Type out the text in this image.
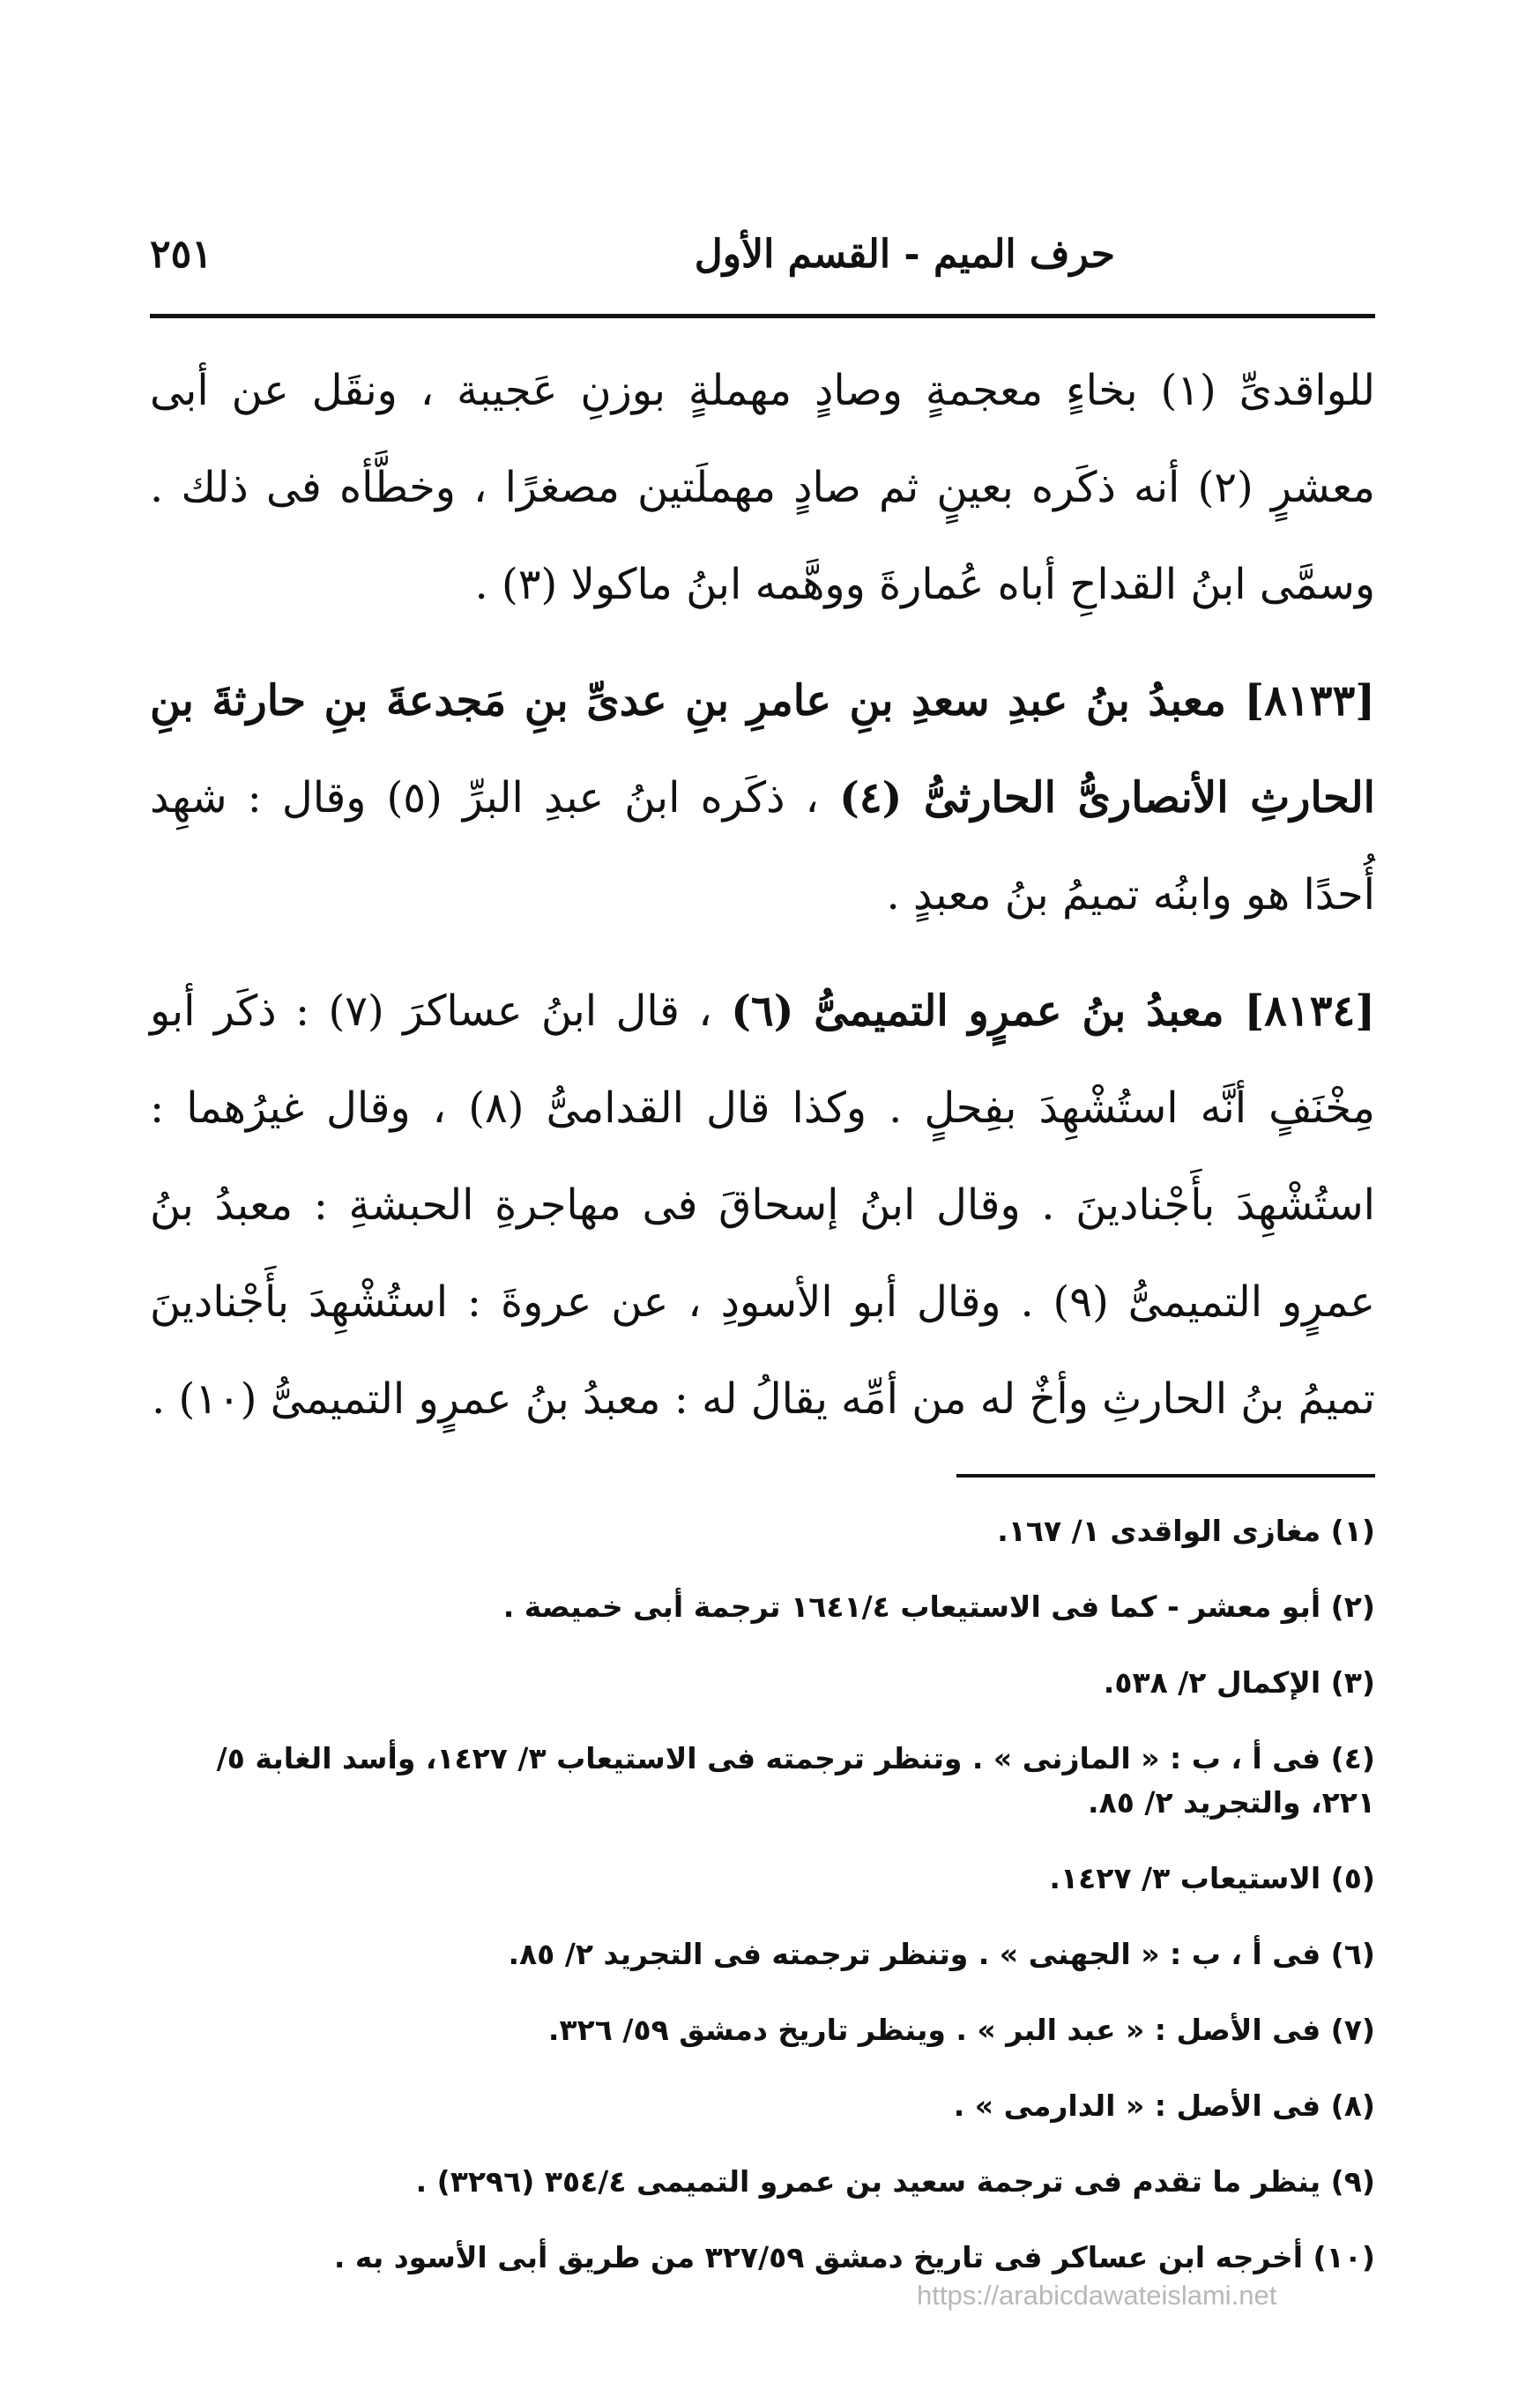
حرف الميم - القسم الأول
٢٥١

للواقدىِّ (١) بخاءٍ معجمةٍ وصادٍ مهملةٍ بوزنِ عَجيبة ، ونقَل عن أبى معشرٍ (٢) أنه ذكَره بعينٍ ثم صادٍ مهملَتين مصغرًا ، وخطَّأه فى ذلك . وسمَّى ابنُ القداحِ أباه عُمارةَ ووهَّمه ابنُ ماكولا (٣) .

[٨١٣٣] معبدُ بنُ عبدِ سعدِ بنِ عامرِ بنِ عدىِّ بنِ مَجدعةَ بنِ حارثةَ بنِ الحارثِ الأنصارىُّ الحارثىُّ (٤) ، ذكَره ابنُ عبدِ البرِّ (٥) وقال : شهِد أُحدًا هو وابنُه تميمُ بنُ معبدٍ .

[٨١٣٤] معبدُ بنُ عمرٍو التميمىُّ (٦) ، قال ابنُ عساكرَ (٧) : ذكَر أبو مِخْنَفٍ أنَّه استُشْهِدَ بفِحلٍ . وكذا قال القدامىُّ (٨) ، وقال غيرُهما : استُشْهِدَ بأَجْنادينَ . وقال ابنُ إسحاقَ فى مهاجرةِ الحبشةِ : معبدُ بنُ عمرٍو التميمىُّ (٩) . وقال أبو الأسودِ ، عن عروةَ : استُشْهِدَ بأَجْنادينَ تميمُ بنُ الحارثِ وأخٌ له من أمِّه يقالُ له : معبدُ بنُ عمرٍو التميمىُّ (١٠) .

(١) مغازى الواقدى ١/ ١٦٧.

(٢) أبو معشر - كما فى الاستيعاب ١٦٤١/٤ ترجمة أبى خميصة .

(٣) الإكمال ٢/ ٥٣٨.

(٤) فى أ ، ب : « المازنى » . وتنظر ترجمته فى الاستيعاب ٣/ ١٤٢٧، وأسد الغابة ٥/ ٢٢١، والتجريد ٢/ ٨٥.

(٥) الاستيعاب ٣/ ١٤٢٧.

(٦) فى أ ، ب : « الجهنى » . وتنظر ترجمته فى التجريد ٢/ ٨٥.

(٧) فى الأصل : « عبد البر » . وينظر تاريخ دمشق ٥٩/ ٣٢٦.

(٨) فى الأصل : « الدارمى » .

(٩) ينظر ما تقدم فى ترجمة سعيد بن عمرو التميمى ٣٥٤/٤ (٣٢٩٦) .

(١٠) أخرجه ابن عساكر فى تاريخ دمشق ٣٢٧/٥٩ من طريق أبى الأسود به .

https://arabicdawateislami.net
